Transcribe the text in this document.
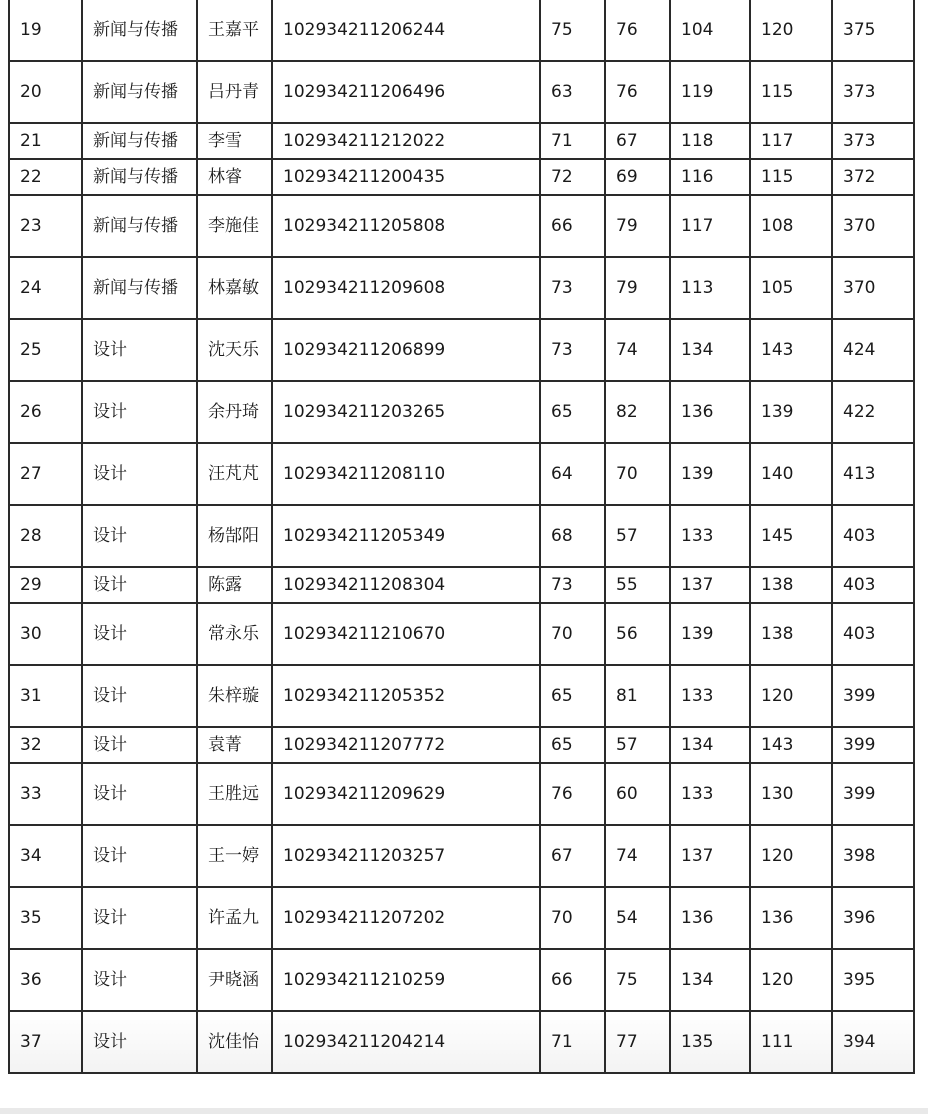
19	新闻与传播	王嘉平	102934211206244	75	76	104	120	375
20	新闻与传播	吕丹青	102934211206496	63	76	119	115	373
21	新闻与传播	李雪	102934211212022	71	67	118	117	373
22	新闻与传播	林睿	102934211200435	72	69	116	115	372
23	新闻与传播	李施佳	102934211205808	66	79	117	108	370
24	新闻与传播	林嘉敏	102934211209608	73	79	113	105	370
25	设计	沈天乐	102934211206899	73	74	134	143	424
26	设计	余丹琦	102934211203265	65	82	136	139	422
27	设计	汪芃芃	102934211208110	64	70	139	140	413
28	设计	杨郜阳	102934211205349	68	57	133	145	403
29	设计	陈露	102934211208304	73	55	137	138	403
30	设计	常永乐	102934211210670	70	56	139	138	403
31	设计	朱梓璇	102934211205352	65	81	133	120	399
32	设计	袁菁	102934211207772	65	57	134	143	399
33	设计	王胜远	102934211209629	76	60	133	130	399
34	设计	王一婷	102934211203257	67	74	137	120	398
35	设计	许孟九	102934211207202	70	54	136	136	396
36	设计	尹晓涵	102934211210259	66	75	134	120	395
37	设计	沈佳怡	102934211204214	71	77	135	111	394
